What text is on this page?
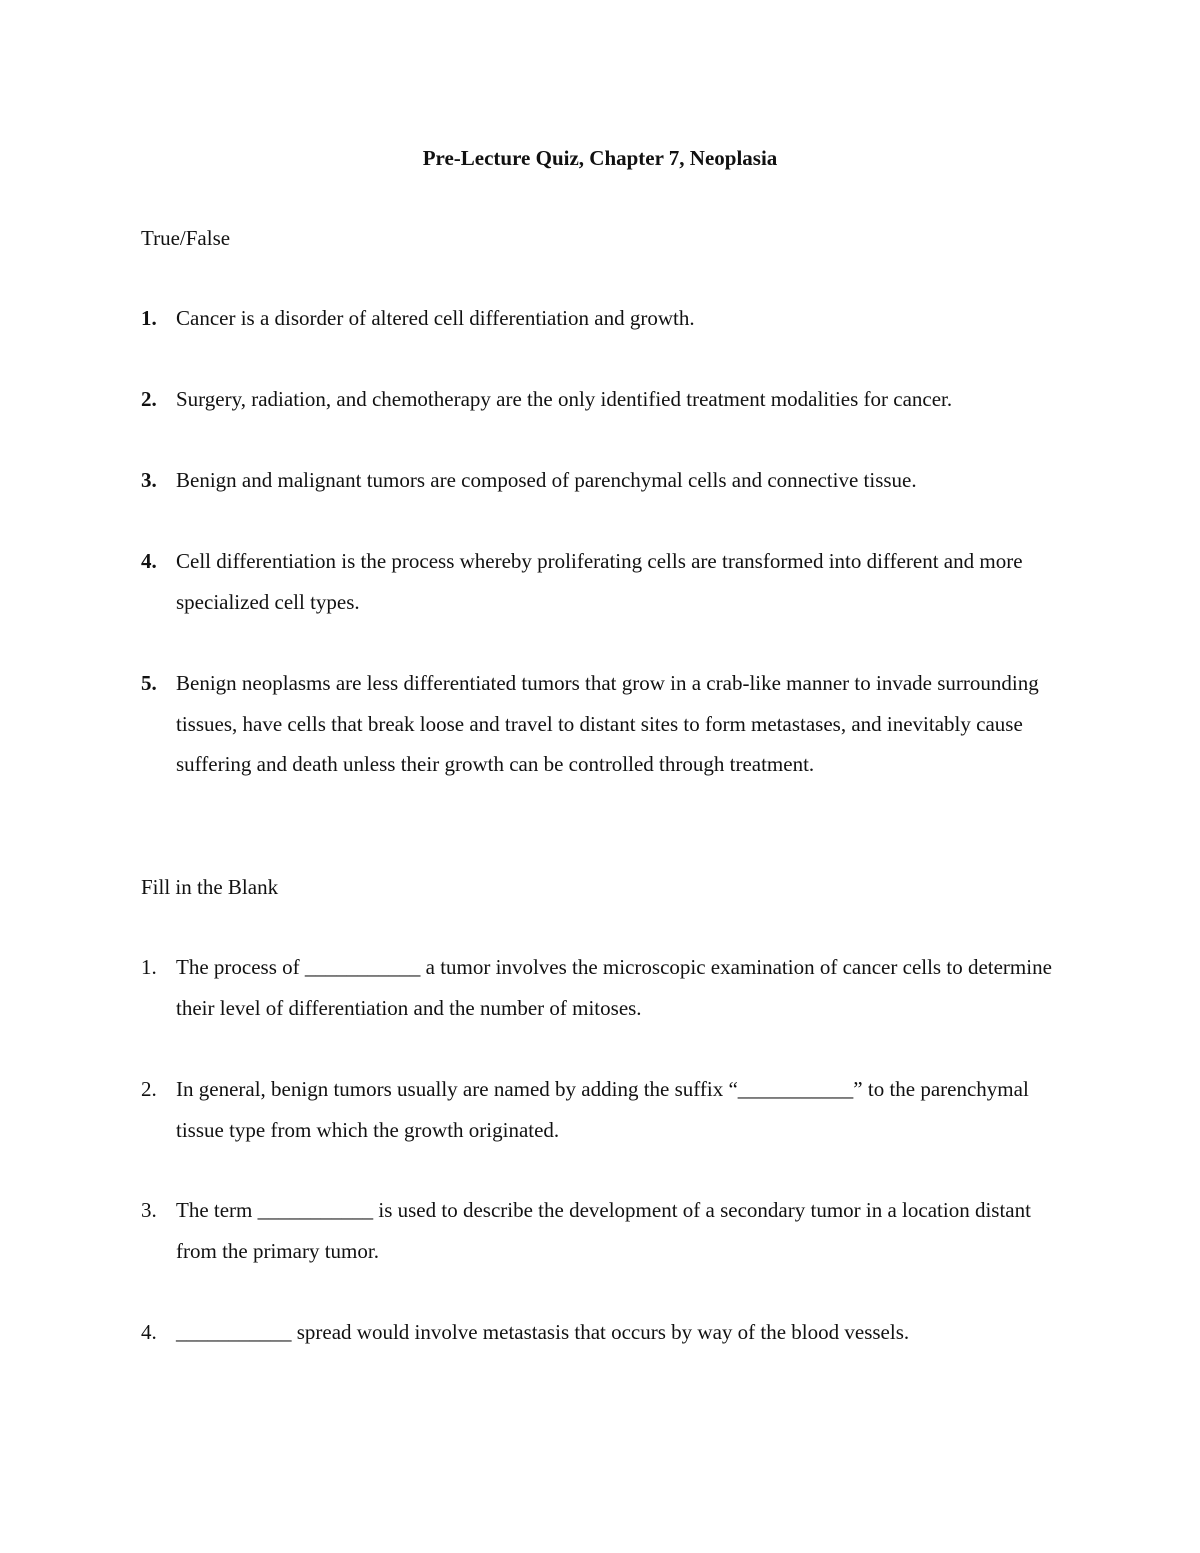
Pre-Lecture Quiz, Chapter 7, Neoplasia
True/False
1. Cancer is a disorder of altered cell differentiation and growth.
2. Surgery, radiation, and chemotherapy are the only identified treatment modalities for cancer.
3. Benign and malignant tumors are composed of parenchymal cells and connective tissue.
4. Cell differentiation is the process whereby proliferating cells are transformed into different and more specialized cell types.
5. Benign neoplasms are less differentiated tumors that grow in a crab-like manner to invade surrounding tissues, have cells that break loose and travel to distant sites to form metastases, and inevitably cause suffering and death unless their growth can be controlled through treatment.
Fill in the Blank
1. The process of ___________ a tumor involves the microscopic examination of cancer cells to determine their level of differentiation and the number of mitoses.
2. In general, benign tumors usually are named by adding the suffix “___________” to the parenchymal tissue type from which the growth originated.
3. The term ___________ is used to describe the development of a secondary tumor in a location distant from the primary tumor.
4. ___________ spread would involve metastasis that occurs by way of the blood vessels.
